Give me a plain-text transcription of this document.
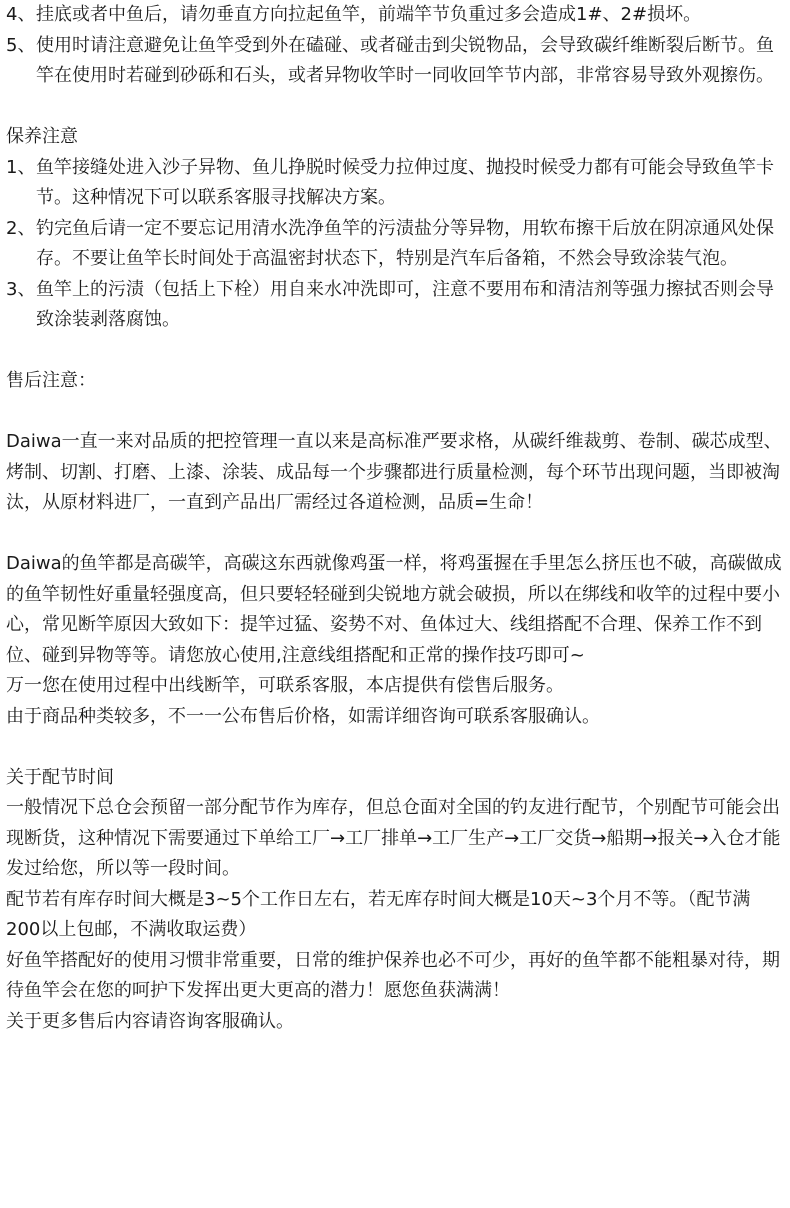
4、 挂底或者中鱼后，请勿垂直方向拉起鱼竿，前端竿节负重过多会造成1#、2#损坏。
5、 使用时请注意避免让鱼竿受到外在磕碰、或者碰击到尖锐物品，会导致碳纤维断裂后断节。鱼竿在使用时若碰到砂砾和石头，或者异物收竿时一同收回竿节内部，非常容易导致外观擦伤。

保养注意

1、 鱼竿接缝处进入沙子异物、鱼儿挣脱时候受力拉伸过度、抛投时候受力都有可能会导致鱼竿卡节。这种情况下可以联系客服寻找解决方案。
2、 钓完鱼后请一定不要忘记用清水洗净鱼竿的污渍盐分等异物，用软布擦干后放在阴凉通风处保存。不要让鱼竿长时间处于高温密封状态下，特别是汽车后备箱，不然会导致涂装气泡。
3、 鱼竿上的污渍（包括上下栓）用自来水冲洗即可，注意不要用布和清洁剂等强力擦拭否则会导致涂装剥落腐蚀。

售后注意：

Daiwa一直一来对品质的把控管理一直以来是高标准严要求格，从碳纤维裁剪、卷制、碳芯成型、烤制、切割、打磨、上漆、涂装、成品每一个步骤都进行质量检测，每个环节出现问题，当即被淘汰，从原材料进厂，一直到产品出厂需经过各道检测，品质=生命！

Daiwa的鱼竿都是高碳竿，高碳这东西就像鸡蛋一样，将鸡蛋握在手里怎么挤压也不破，高碳做成的鱼竿韧性好重量轻强度高，但只要轻轻碰到尖锐地方就会破损，所以在绑线和收竿的过程中要小心，常见断竿原因大致如下：提竿过猛、姿势不对、鱼体过大、线组搭配不合理、保养工作不到位、碰到异物等等。请您放心使用,注意线组搭配和正常的操作技巧即可~

万一您在使用过程中出线断竿，可联系客服，本店提供有偿售后服务。

由于商品种类较多，不一一公布售后价格，如需详细咨询可联系客服确认。

关于配节时间

一般情况下总仓会预留一部分配节作为库存，但总仓面对全国的钓友进行配节，个别配节可能会出现断货，这种情况下需要通过下单给工厂→工厂排单→工厂生产→工厂交货→船期→报关→入仓才能发过给您，所以等一段时间。

配节若有库存时间大概是3~5个工作日左右，若无库存时间大概是10天~3个月不等。（配节满200以上包邮，不满收取运费）

好鱼竿搭配好的使用习惯非常重要，日常的维护保养也必不可少，再好的鱼竿都不能粗暴对待，期待鱼竿会在您的呵护下发挥出更大更高的潜力！愿您鱼获满满！

关于更多售后内容请咨询客服确认。
